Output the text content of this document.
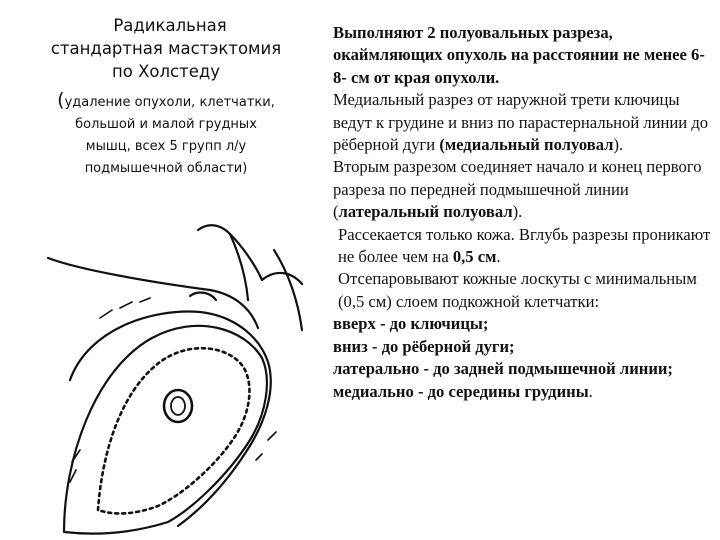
Радикальная
стандартная мастэктомия
по Холстеду
(удаление опухоли, клетчатки,
большой и малой грудных
мышц, всех 5 групп л/у
подмышечной области)

Выполняют 2 полуовальных разреза, окаймляющих опухоль на расстоянии не менее 6-8- см от края опухоли.

Медиальный разрез от наружной трети ключицы ведут к грудине и вниз по парастернальной линии до рёберной дуги (медиальный полуовал).

Вторым разрезом соединяет начало и конец первого разреза по передней подмышечной линии (латеральный полуовал).

Рассекается только кожа. Вглубь разрезы проникают не более чем на 0,5 см.

Отсепаровывают кожные лоскуты с минимальным (0,5 см) слоем подкожной клетчатки:

вверх - до ключицы;

вниз - до рёберной дуги;

латерально - до задней подмышечной линии;

медиально - до середины грудины.
